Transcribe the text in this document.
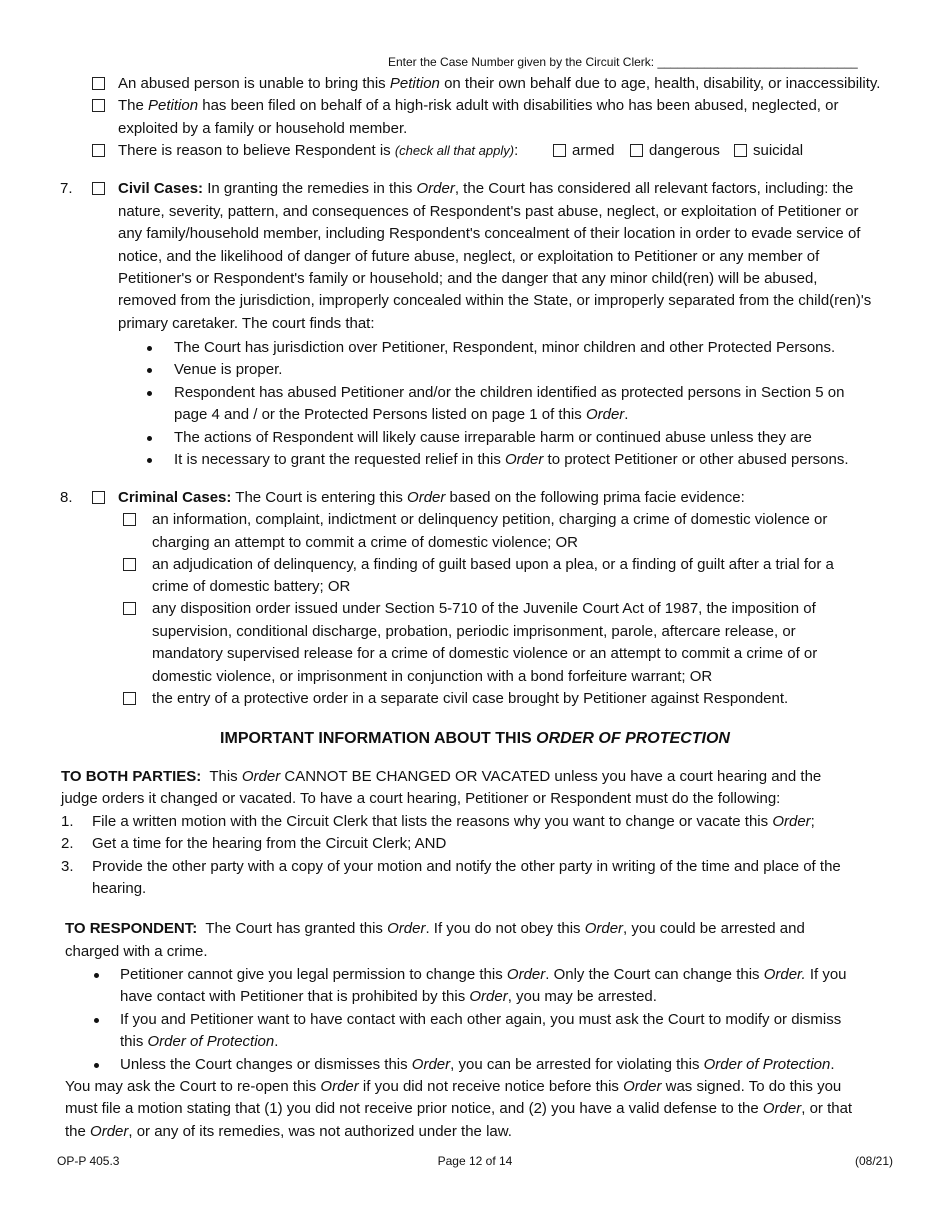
Enter the Case Number given by the Circuit Clerk: ______________________________
An abused person is unable to bring this Petition on their own behalf due to age, health, disability, or inaccessibility.
The Petition has been filed on behalf of a high-risk adult with disabilities who has been abused, neglected, or
exploited by a family or household member.
There is reason to believe Respondent is (check all that apply):	armed dangerous suicidal
7.	Civil Cases: In granting the remedies in this Order, the Court has considered all relevant factors, including: the
nature, severity, pattern, and consequences of Respondent's past abuse, neglect, or exploitation of Petitioner or
any family/household member, including Respondent's concealment of their location in order to evade service of
notice, and the likelihood of danger of future abuse, neglect, or exploitation to Petitioner or any member of
Petitioner's or Respondent's family or household; and the danger that any minor child(ren) will be abused,
removed from the jurisdiction, improperly concealed within the State, or improperly separated from the child(ren)'s
primary caretaker. The court finds that:
The Court has jurisdiction over Petitioner, Respondent, minor children and other Protected Persons.
Venue is proper.
Respondent has abused Petitioner and/or the children identified as protected persons in Section 5 on
page 4 and / or the Protected Persons listed on page 1 of this Order.
The actions of Respondent will likely cause irreparable harm or continued abuse unless they are
It is necessary to grant the requested relief in this Order to protect Petitioner or other abused persons.
8.	Criminal Cases: The Court is entering this Order based on the following prima facie evidence:
an information, complaint, indictment or delinquency petition, charging a crime of domestic violence or
charging an attempt to commit a crime of domestic violence; OR
an adjudication of delinquency, a finding of guilt based upon a plea, or a finding of guilt after a trial for a
crime of domestic battery; OR
any disposition order issued under Section 5-710 of the Juvenile Court Act of 1987, the imposition of
supervision, conditional discharge, probation, periodic imprisonment, parole, aftercare release, or
mandatory supervised release for a crime of domestic violence or an attempt to commit a crime of or
domestic violence, or imprisonment in conjunction with a bond forfeiture warrant; OR
the entry of a protective order in a separate civil case brought by Petitioner against Respondent.
IMPORTANT INFORMATION ABOUT THIS ORDER OF PROTECTION
TO BOTH PARTIES:  This Order CANNOT BE CHANGED OR VACATED unless you have a court hearing and the
judge orders it changed or vacated. To have a court hearing, Petitioner or Respondent must do the following:
1. File a written motion with the Circuit Clerk that lists the reasons why you want to change or vacate this Order;
2. Get a time for the hearing from the Circuit Clerk; AND
3. Provide the other party with a copy of your motion and notify the other party in writing of the time and place of the
hearing.
TO RESPONDENT:  The Court has granted this Order. If you do not obey this Order, you could be arrested and
charged with a crime.
Petitioner cannot give you legal permission to change this Order. Only the Court can change this Order. If you
have contact with Petitioner that is prohibited by this Order, you may be arrested.
If you and Petitioner want to have contact with each other again, you must ask the Court to modify or dismiss
this Order of Protection.
Unless the Court changes or dismisses this Order, you can be arrested for violating this Order of Protection.
You may ask the Court to re-open this Order if you did not receive notice before this Order was signed. To do this you
must file a motion stating that (1) you did not receive prior notice, and (2) you have a valid defense to the Order, or that
the Order, or any of its remedies, was not authorized under the law.
OP-P 405.3	Page 12 of 14	(08/21)
